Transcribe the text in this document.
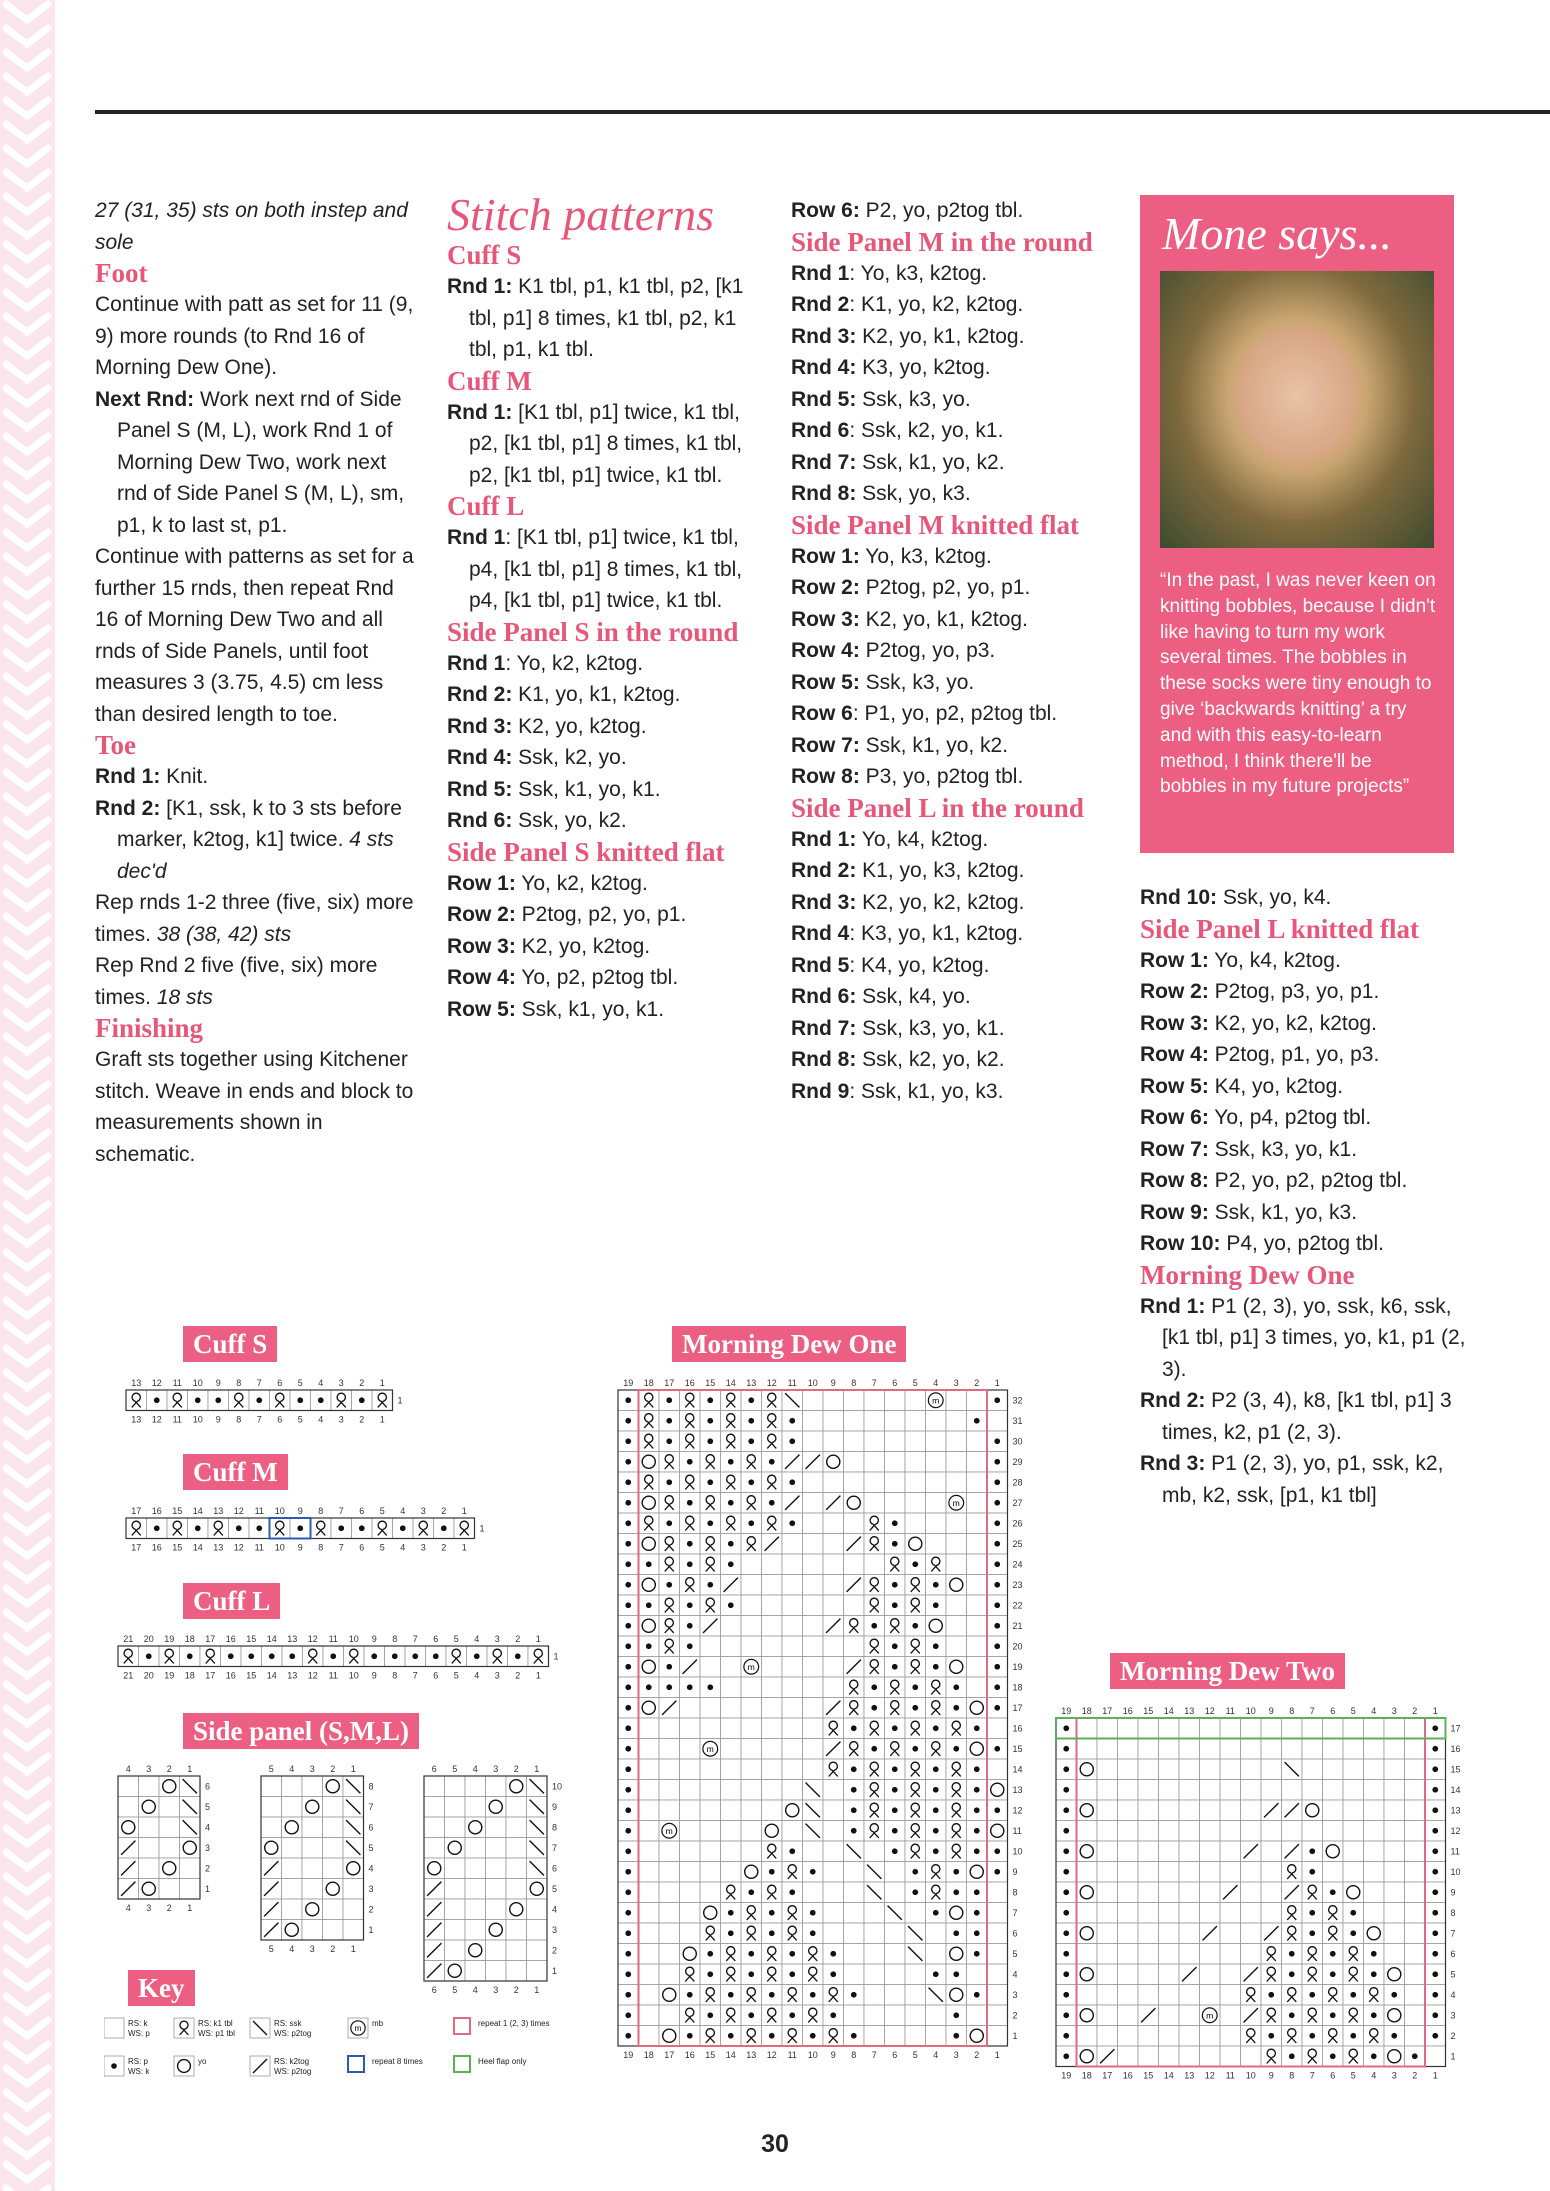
27 (31, 35) sts on both instep and sole

Foot

Continue with patt as set for 11 (9, 9) more rounds (to Rnd 16 of Morning Dew One).

Next Rnd: Work next rnd of Side Panel S (M, L), work Rnd 1 of Morning Dew Two, work next rnd of Side Panel S (M, L), sm, p1, k to last st, p1.

Continue with patterns as set for a further 15 rnds, then repeat Rnd 16 of Morning Dew Two and all rnds of Side Panels, until foot measures 3 (3.75, 4.5) cm less than desired length to toe.

Toe

Rnd 1: Knit.

Rnd 2: [K1, ssk, k to 3 sts before marker, k2tog, k1] twice. 4 sts dec'd

Rep rnds 1-2 three (five, six) more times. 38 (38, 42) sts

Rep Rnd 2 five (five, six) more times. 18 sts

Finishing

Graft sts together using Kitchener stitch. Weave in ends and block to measurements shown in schematic.

Stitch patterns

Cuff S

Rnd 1: K1 tbl, p1, k1 tbl, p2, [k1 tbl, p1] 8 times, k1 tbl, p2, k1 tbl, p1, k1 tbl.

Cuff M

Rnd 1: [K1 tbl, p1] twice, k1 tbl, p2, [k1 tbl, p1] 8 times, k1 tbl, p2, [k1 tbl, p1] twice, k1 tbl.

Cuff L

Rnd 1: [K1 tbl, p1] twice, k1 tbl, p4, [k1 tbl, p1] 8 times, k1 tbl, p4, [k1 tbl, p1] twice, k1 tbl.

Side Panel S in the round

Rnd 1: Yo, k2, k2tog.

Rnd 2: K1, yo, k1, k2tog.

Rnd 3: K2, yo, k2tog.

Rnd 4: Ssk, k2, yo.

Rnd 5: Ssk, k1, yo, k1.

Rnd 6: Ssk, yo, k2.

Side Panel S knitted flat

Row 1: Yo, k2, k2tog.

Row 2: P2tog, p2, yo, p1.

Row 3: K2, yo, k2tog.

Row 4: Yo, p2, p2tog tbl.

Row 5: Ssk, k1, yo, k1.

Row 6: P2, yo, p2tog tbl.

Side Panel M in the round

Rnd 1: Yo, k3, k2tog.

Rnd 2: K1, yo, k2, k2tog.

Rnd 3: K2, yo, k1, k2tog.

Rnd 4: K3, yo, k2tog.

Rnd 5: Ssk, k3, yo.

Rnd 6: Ssk, k2, yo, k1.

Rnd 7: Ssk, k1, yo, k2.

Rnd 8: Ssk, yo, k3.

Side Panel M knitted flat

Row 1: Yo, k3, k2tog.

Row 2: P2tog, p2, yo, p1.

Row 3: K2, yo, k1, k2tog.

Row 4: P2tog, yo, p3.

Row 5: Ssk, k3, yo.

Row 6: P1, yo, p2, p2tog tbl.

Row 7: Ssk, k1, yo, k2.

Row 8: P3, yo, p2tog tbl.

Side Panel L in the round

Rnd 1: Yo, k4, k2tog.

Rnd 2: K1, yo, k3, k2tog.

Rnd 3: K2, yo, k2, k2tog.

Rnd 4: K3, yo, k1, k2tog.

Rnd 5: K4, yo, k2tog.

Rnd 6: Ssk, k4, yo.

Rnd 7: Ssk, k3, yo, k1.

Rnd 8: Ssk, k2, yo, k2.

Rnd 9: Ssk, k1, yo, k3.

Mone says...
“In the past, I was never keen on knitting bobbles, because I didn't like having to turn my work several times. The bobbles in these socks were tiny enough to give ‘backwards knitting’ a try and with this easy-to-learn method, I think there'll be bobbles in my future projects”

Rnd 10: Ssk, yo, k4.

Side Panel L knitted flat

Row 1: Yo, k4, k2tog.

Row 2: P2tog, p3, yo, p1.

Row 3: K2, yo, k2, k2tog.

Row 4: P2tog, p1, yo, p3.

Row 5: K4, yo, k2tog.

Row 6: Yo, p4, p2tog tbl.

Row 7: Ssk, k3, yo, k1.

Row 8: P2, yo, p2, p2tog tbl.

Row 9: Ssk, k1, yo, k3.

Row 10: P4, yo, p2tog tbl.

Morning Dew One

Rnd 1: P1 (2, 3), yo, ssk, k6, ssk, [k1 tbl, p1] 3 times, yo, k1, p1 (2, 3).

Rnd 2: P2 (3, 4), k8, [k1 tbl, p1] 3 times, k2, p1 (2, 3).

Rnd 3: P1 (2, 3), yo, p1, ssk, k2, mb, k2, ssk, [p1, k1 tbl]

Cuff S
Cuff M
Cuff L
Side panel (S,M,L)
Key
Morning Dew One
Morning Dew Two
13
13
12
12
11
11
10
10
9
9
8
8
7
7
6
6
5
5
4
4
3
3
2
2
1
1
1
17
17
16
16
15
15
14
14
13
13
12
12
11
11
10
10
9
9
8
8
7
7
6
6
5
5
4
4
3
3
2
2
1
1
1
21
21
20
20
19
19
18
18
17
17
16
16
15
15
14
14
13
13
12
12
11
11
10
10
9
9
8
8
7
7
6
6
5
5
4
4
3
3
2
2
1
1
1
4
4
3
3
2
2
1
1
6
5
4
3
2
1
5
5
4
4
3
3
2
2
1
1
8
7
6
5
4
3
2
1
6
6
5
5
4
4
3
3
2
2
1
1
10
9
8
7
6
5
4
3
2
1
m
m
m
m
m
19
19
18
18
17
17
16
16
15
15
14
14
13
13
12
12
11
11
10
10
9
9
8
8
7
7
6
6
5
5
4
4
3
3
2
2
1
1
32
31
30
29
28
27
26
25
24
23
22
21
20
19
18
17
16
15
14
13
12
11
10
9
8
7
6
5
4
3
2
1
m
19
19
18
18
17
17
16
16
15
15
14
14
13
13
12
12
11
11
10
10
9
9
8
8
7
7
6
6
5
5
4
4
3
3
2
2
1
1
17
16
15
14
13
12
11
10
9
8
7
6
5
4
3
2
1
RS: k
WS: p
RS: k1 tbl
WS: p1 tbl
RS: ssk
WS: p2tog
m mb	repeat 1 (2, 3) times
RS: p
WS: k
yo	RS: k2tog
WS: p2tog
repeat 8 times	Heel flap only
30
